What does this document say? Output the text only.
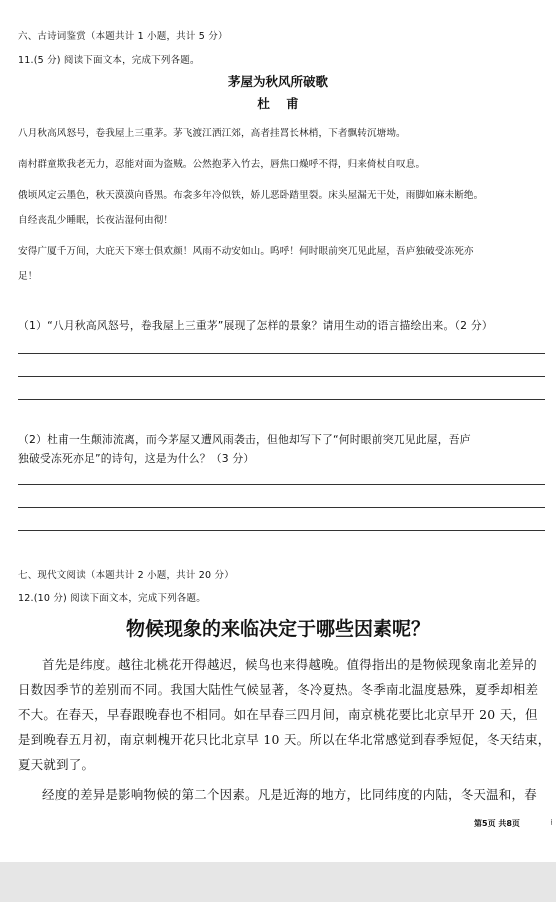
六、古诗词鉴赏（本题共计 1 小题，共计 5 分）
11.(5 分) 阅读下面文本，完成下列各题。
茅屋为秋风所破歌
杜 甫
八月秋高风怒号，卷我屋上三重茅。茅飞渡江洒江郊，高者挂罥长林梢，下者飘转沉塘坳。
南村群童欺我老无力，忍能对面为盗贼。公然抱茅入竹去，唇焦口燥呼不得，归来倚杖自叹息。
俄顷风定云墨色，秋天漠漠向昏黑。布衾多年冷似铁，娇儿恶卧踏里裂。床头屋漏无干处，雨脚如麻未断绝。
自经丧乱少睡眠，长夜沾湿何由彻！
安得广厦千万间，大庇天下寒士俱欢颜！风雨不动安如山。呜呼！何时眼前突兀见此屋，吾庐独破受冻死亦
足！
（1）“八月秋高风怒号，卷我屋上三重茅”展现了怎样的景象？请用生动的语言描绘出来。（2 分）
（2）杜甫一生颠沛流离，而今茅屋又遭风雨袭击，但他却写下了“何时眼前突兀见此屋，吾庐
独破受冻死亦足”的诗句，这是为什么？（3 分）
七、现代文阅读（本题共计 2 小题，共计 20 分）
12.(10 分) 阅读下面文本，完成下列各题。
物候现象的来临决定于哪些因素呢？
首先是纬度。越往北桃花开得越迟，候鸟也来得越晚。值得指出的是物候现象南北差异的
日数因季节的差别而不同。我国大陆性气候显著，冬冷夏热。冬季南北温度悬殊，夏季却相差
不大。在春天，早春跟晚春也不相同。如在早春三四月间，南京桃花要比北京早开 20 天，但
是到晚春五月初，南京刺槐开花只比北京早 10 天。所以在华北常感觉到春季短促，冬天结束，
夏天就到了。
经度的差异是影响物候的第二个因素。凡是近海的地方，比同纬度的内陆，冬天温和，春
第5页 共8页	6
